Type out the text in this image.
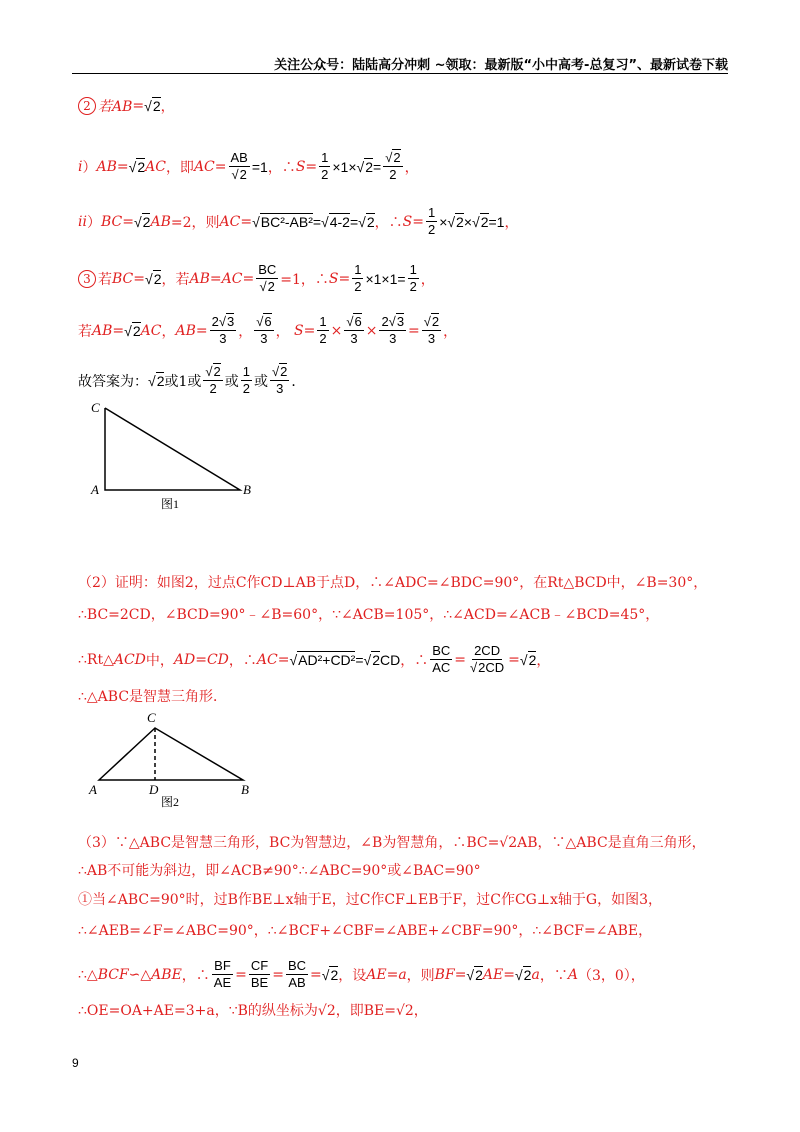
关注公众号：陆陆高分冲刺 ~领取：最新版“小中高考-总复习”、最新试卷下载
2 若AB = √2 ，
i ） AB = √2 AC ，即 AC = $\frac{AB}{√2} =1$ ，∴ $S = \frac{1}{2} \times 1\times√2= \frac{√2}{2}$ ，
ii ） BC = √2 AB =2，则 AC = √BC²-AB²=√4-2=√2 ，∴ $S = \frac{1}{2} \times√2\times√2=1$ ，
3 若 BC = √2 ，若 AB = AC = $\frac{BC}{√2} =1$，∴ $S = \frac{1}{2} \times 1\times 1= \frac{1}{2}$ ，
若 AB = √2 AC ， AB = $\frac{2√3}{3}$ ， $\frac{√6}{3}$ ， $S = \frac{1}{2} \times \frac{√6}{3} \times \frac{2√3}{3} = \frac{√2}{3}$ ，
故答案为： √2 或1或 $\frac{√2}{2}$ 或 $\frac{1}{2}$ 或 $\frac{√2}{3}$ ．
C
A	B
图1
（2）证明：如图2，过点C作CD⊥AB于点D，∴∠ADC=∠BDC=90°，在Rt△BCD中，∠B=30°，
∴BC=2CD，∠BCD=90°﹣∠B=60°，∵∠ACB=105°，∴∠ACD=∠ACB﹣∠BCD=45°，
∴Rt△ ACD 中， AD = CD ，∴ AC = √AD²+CD²=√2CD ，∴ $\frac{BC}{AC} = \frac{2CD}{√2CD} = √2$ ，
∴△ABC是智慧三角形．
C
A	D	B
图2
（3）∵△ABC是智慧三角形，BC为智慧边，∠B为智慧角，∴BC=√2AB，∵△ABC是直角三角形，
∴AB不可能为斜边，即∠ACB≠90°∴∠ABC=90°或∠BAC=90°
①当∠ABC=90°时，过B作BE⊥x轴于E，过C作CF⊥EB于F，过C作CG⊥x轴于G，如图3，
∴∠AEB=∠F=∠ABC=90°，∴∠BCF+∠CBF=∠ABE+∠CBF=90°，∴∠BCF=∠ABE，
∴△ BCF ∽△ ABE ，∴ $\frac{BF}{AE} = \frac{CF}{BE} = \frac{BC}{AB} = √2$ ，设 AE = a ，则 BF = √2 AE = √2 a ，∵ A （3，0），
∴OE=OA+AE=3+a，∵B的纵坐标为√2，即BE=√2，
9
